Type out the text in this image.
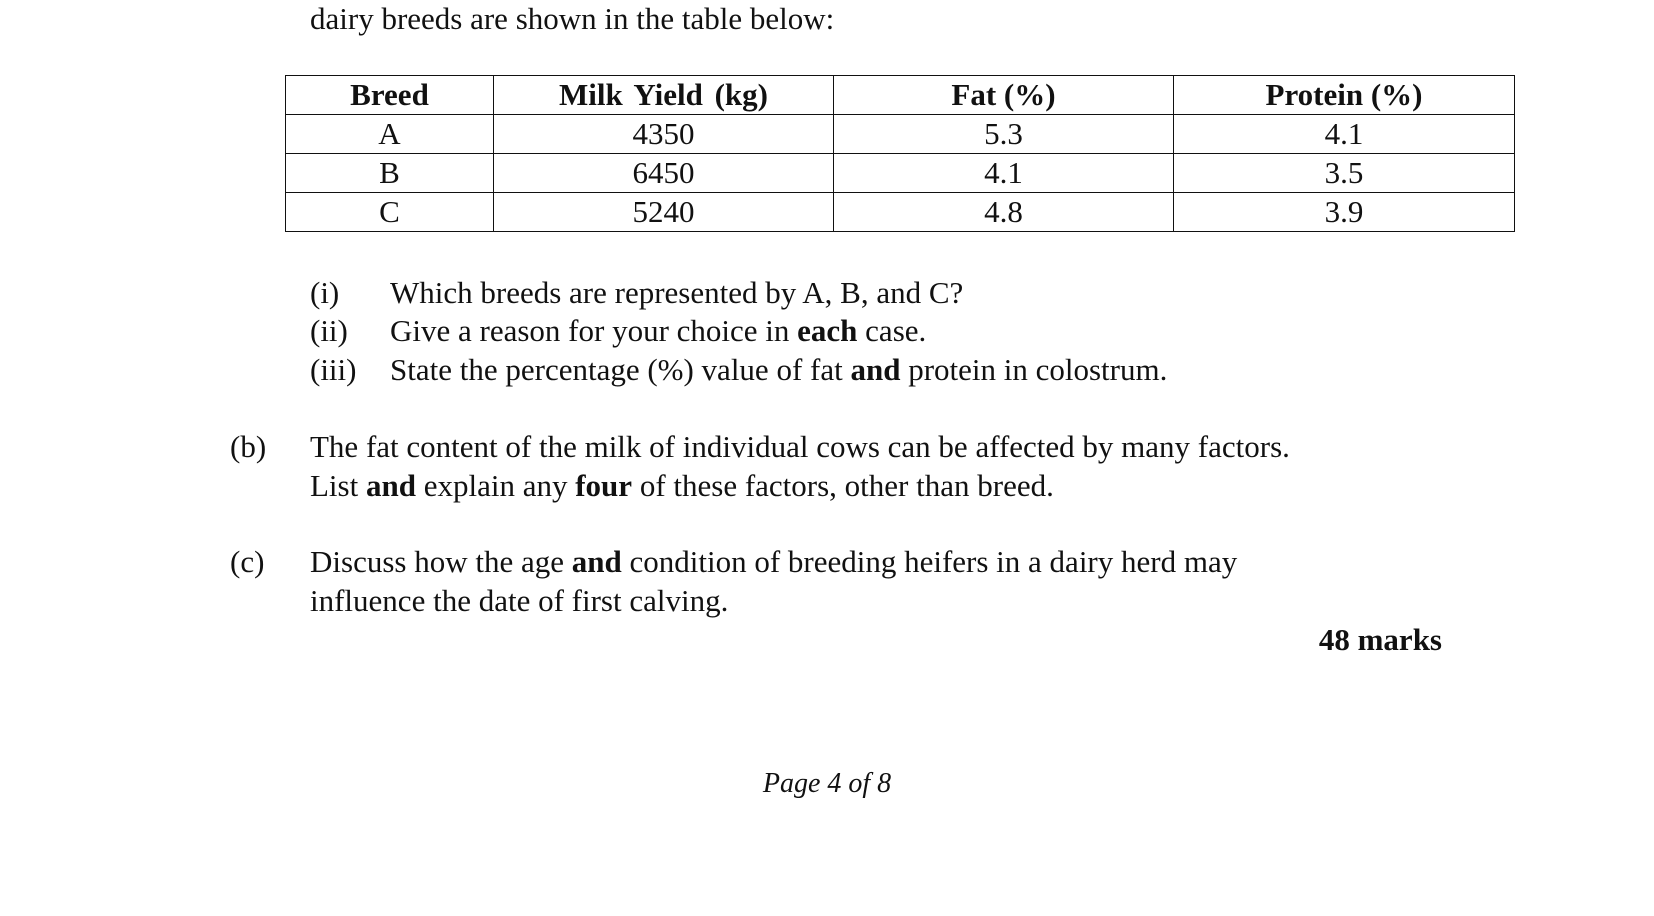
dairy breeds are shown in the table below:
Breed	Milk Yield (kg)	Fat (%)	Protein (%)
A	4350	5.3	4.1
B	6450	4.1	3.5
C	5240	4.8	3.9
(i) Which breeds are represented by A, B, and C?
(ii) Give a reason for your choice in each case.
(iii) State the percentage (%) value of fat and protein in colostrum.
(b) The fat content of the milk of individual cows can be affected by many factors.
List and explain any four of these factors, other than breed.
(c) Discuss how the age and condition of breeding heifers in a dairy herd may
influence the date of first calving.
48 marks
Page 4 of 8
